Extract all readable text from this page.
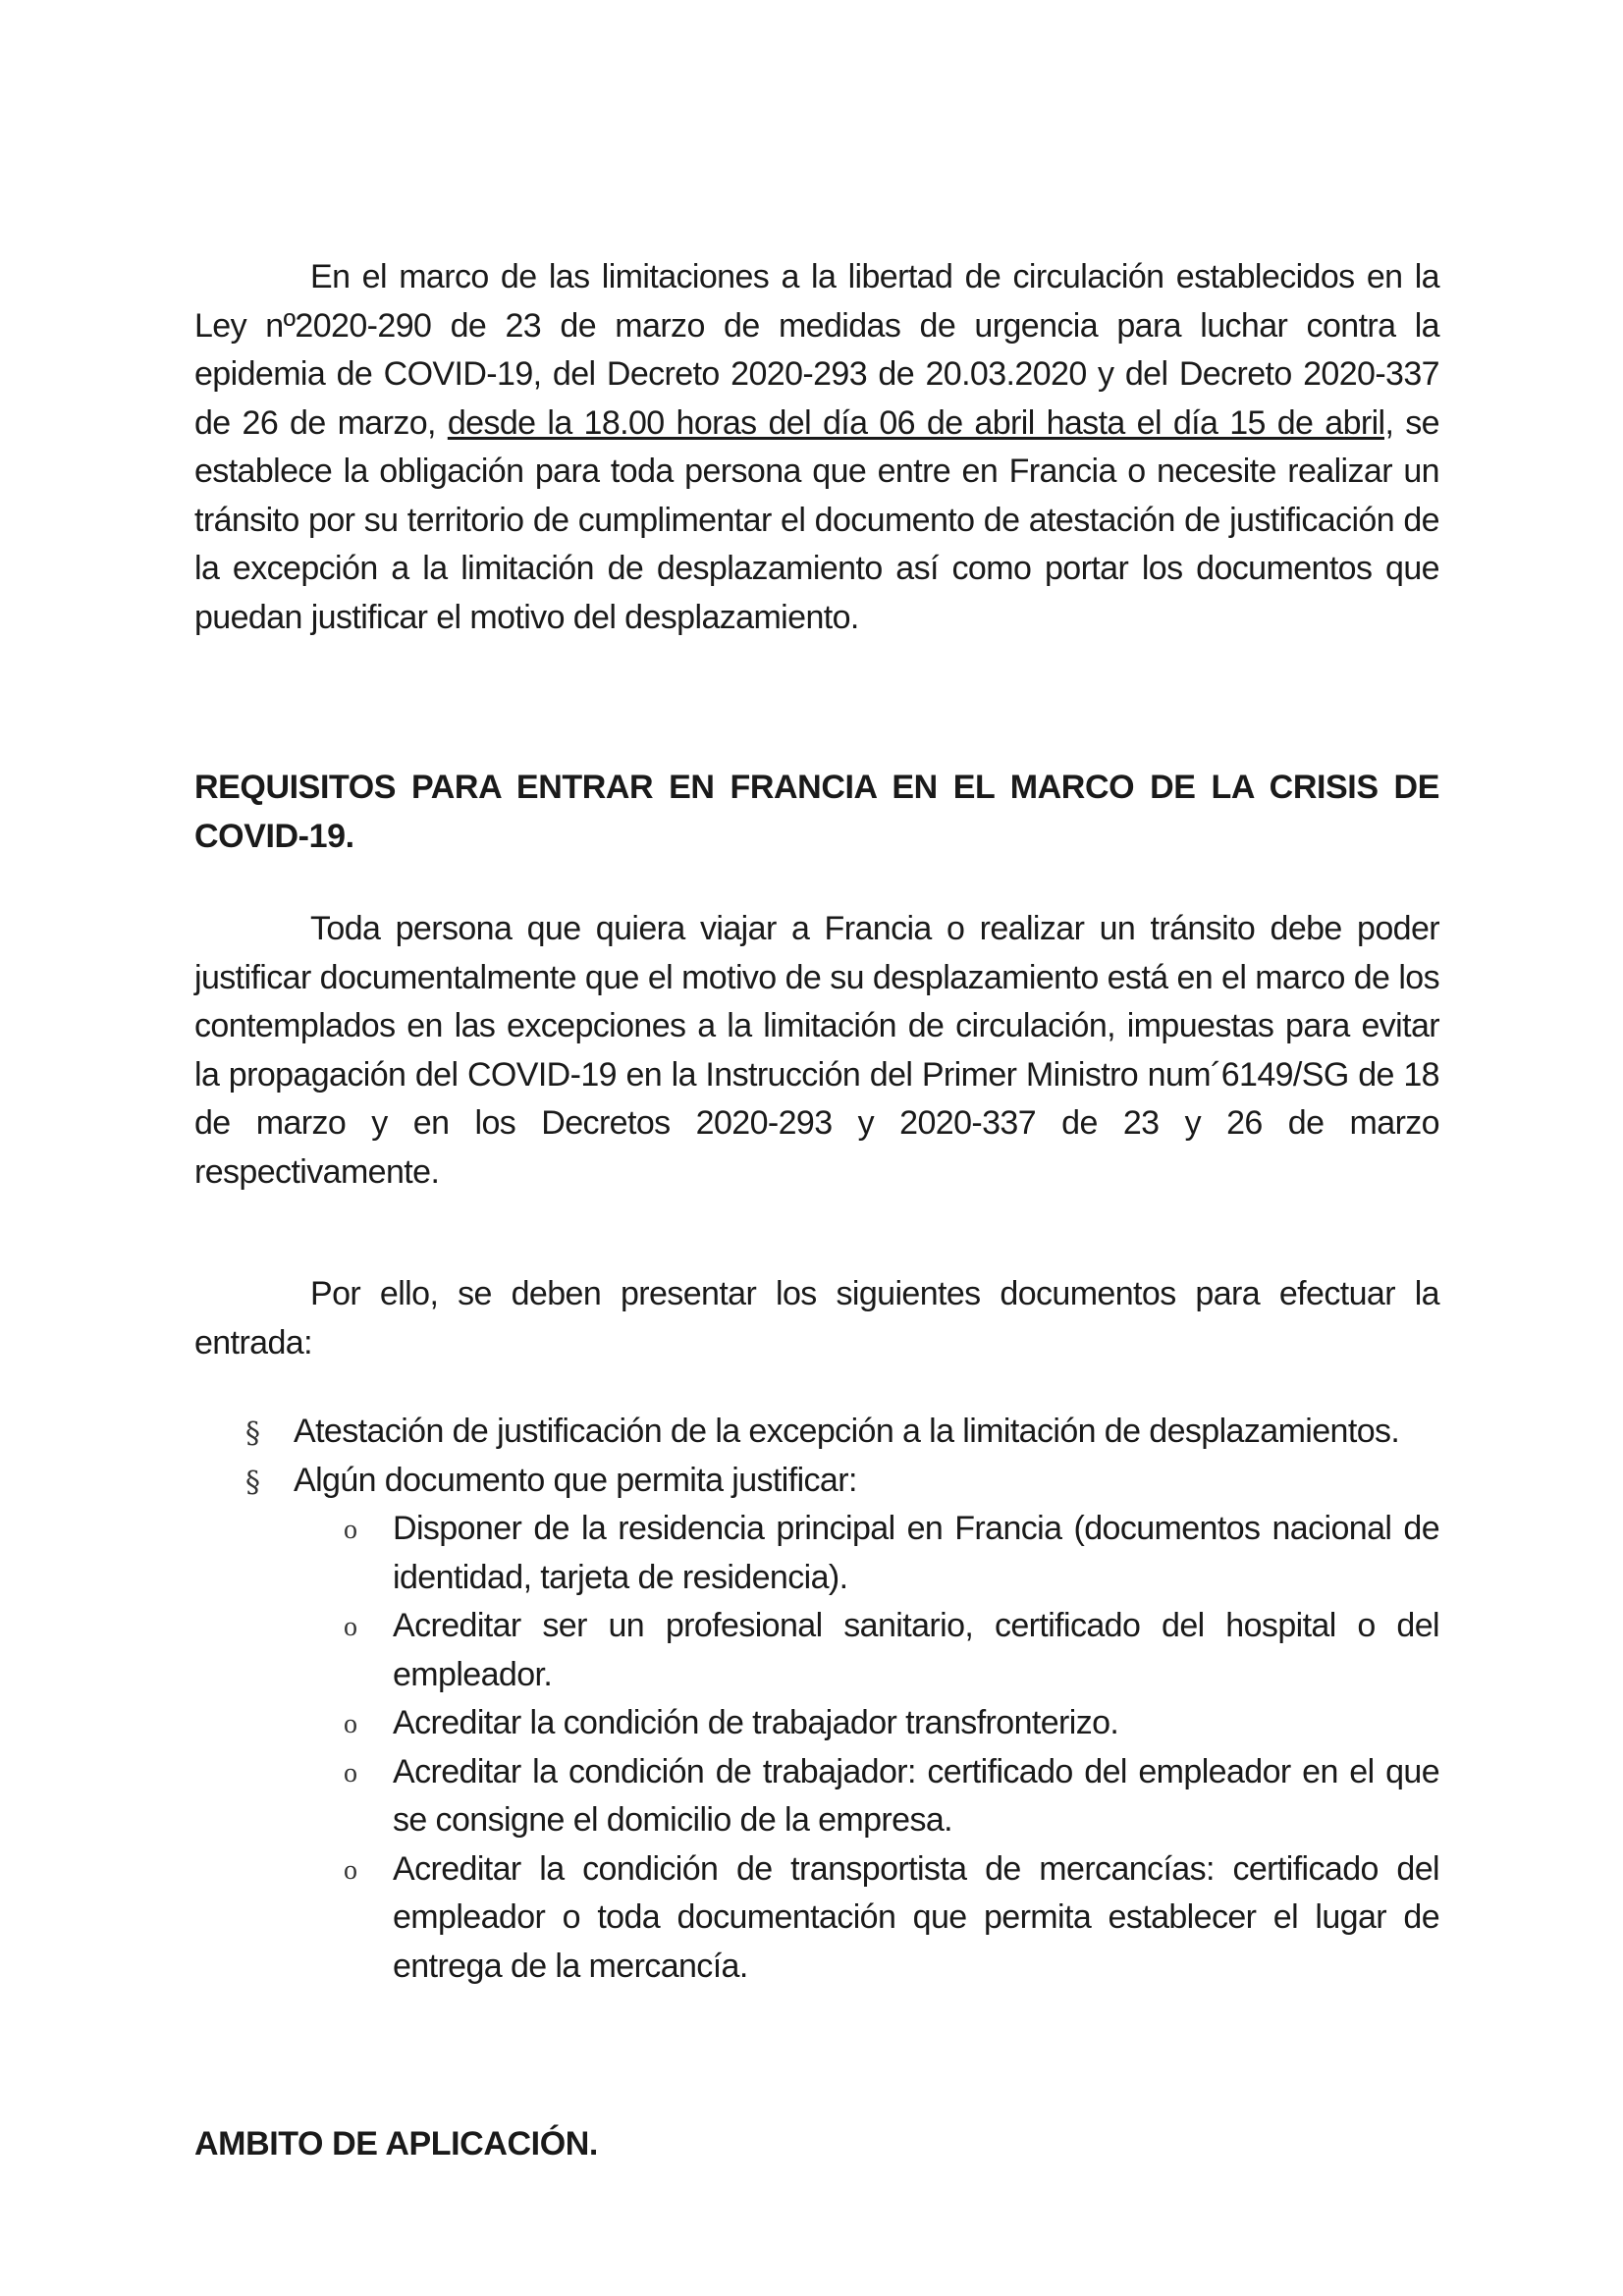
En el marco de las limitaciones a la libertad de circulación establecidos en la Ley nº2020-290 de 23 de marzo de medidas de urgencia para luchar contra la epidemia de COVID-19, del Decreto 2020-293 de 20.03.2020 y del Decreto 2020-337 de 26 de marzo, desde la 18.00 horas del día 06 de abril hasta el día 15 de abril, se establece la obligación para toda persona que entre en Francia o necesite realizar un tránsito por su territorio de cumplimentar el documento de atestación de justificación de la excepción a la limitación de desplazamiento así como portar los documentos que puedan justificar el motivo del desplazamiento.

REQUISITOS PARA ENTRAR EN FRANCIA EN EL MARCO DE LA CRISIS DE COVID-19.

Toda persona que quiera viajar a Francia o realizar un tránsito debe poder justificar documentalmente que el motivo de su desplazamiento está en el marco de los contemplados en las excepciones a la limitación de circulación, impuestas para evitar la propagación del COVID-19 en la Instrucción del Primer Ministro num´6149/SG de 18 de marzo y en los Decretos 2020-293 y 2020-337 de 23 y 26 de marzo respectivamente.

Por ello, se deben presentar los siguientes documentos para efectuar la entrada:

§ Atestación de justificación de la excepción a la limitación de desplazamientos.
§ Algún documento que permita justificar:
o Disponer de la residencia principal en Francia (documentos nacional de identidad, tarjeta de residencia).
o Acreditar ser un profesional sanitario, certificado del hospital o del empleador.
o Acreditar la condición de trabajador transfronterizo.
o Acreditar la condición de trabajador: certificado del empleador en el que se consigne el domicilio de la empresa.
o Acreditar la condición de transportista de mercancías: certificado del empleador o toda documentación que permita establecer el lugar de entrega de la mercancía.
AMBITO DE APLICACIÓN.
